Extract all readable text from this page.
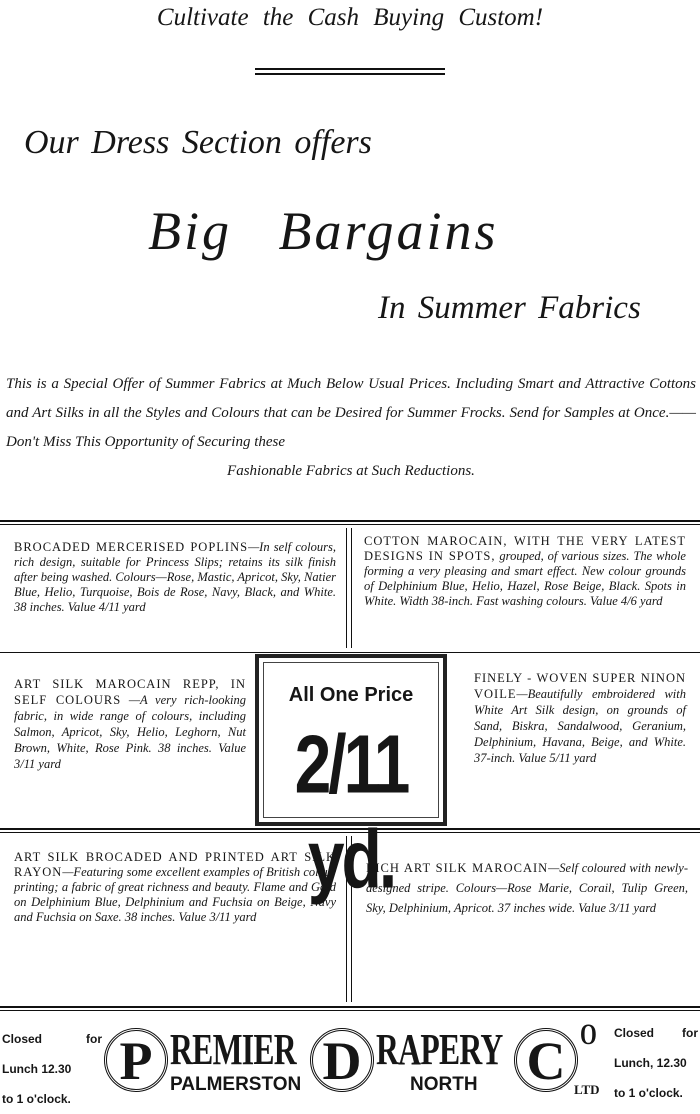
Cultivate the Cash Buying Custom!
Our Dress Section offers
Big Bargains
In Summer Fabrics
This is a Special Offer of Summer Fabrics at Much Below Usual Prices. Including Smart and Attractive Cottons and Art Silks in all the Styles and Colours that can be Desired for Summer Frocks. Send for Samples at Once.——Don't Miss This Opportunity of Securing these
Fashionable Fabrics at Such Reductions.
BROCADED MERCERISED POPLINS—In self colours, rich design, suitable for Princess Slips; retains its silk finish after being washed. Colours—Rose, Mastic, Apricot, Sky, Natier Blue, Helio, Turquoise, Bois de Rose, Navy, Black, and White. 38 inches. Value 4/11 yard
COTTON MAROCAIN, WITH THE VERY LATEST DESIGNS IN SPOTS, grouped, of various sizes. The whole forming a very pleasing and smart effect. New colour grounds of Delphinium Blue, Helio, Hazel, Rose Beige, Black. Spots in White. Width 38-inch. Fast washing colours. Value 4/6 yard
ART SILK MAROCAIN REPP, IN SELF COLOURS —A very rich-looking fabric, in wide range of colours, including Salmon, Apricot, Sky, Helio, Leghorn, Nut Brown, White, Rose Pink. 38 inches. Value 3/11 yard
All One Price
2/11 yd.
FINELY - WOVEN SUPER NINON VOILE—Beautifully embroidered with White Art Silk design, on grounds of Sand, Biskra, Sandalwood, Geranium, Delphinium, Havana, Beige, and White. 37-inch. Value 5/11 yard
ART SILK BROCADED AND PRINTED ART SILK RAYON—Featuring some excellent examples of British colour printing; a fabric of great richness and beauty. Flame and Gold on Delphinium Blue, Delphinium and Fuchsia on Beige, Navy and Fuchsia on Saxe. 38 inches. Value 3/11 yard
RICH ART SILK MAROCAIN—Self coloured with newly-designed stripe. Colours—Rose Marie, Corail, Tulip Green, Sky, Delphinium, Apricot. 37 inches wide. Value 3/11 yard
Closed for
Lunch 12.30
to 1 o'clock.
P REMIER D RAPERY C O
PALMERSTON	NORTH	LTD
Closed for
Lunch, 12.30
to 1 o'clock.
